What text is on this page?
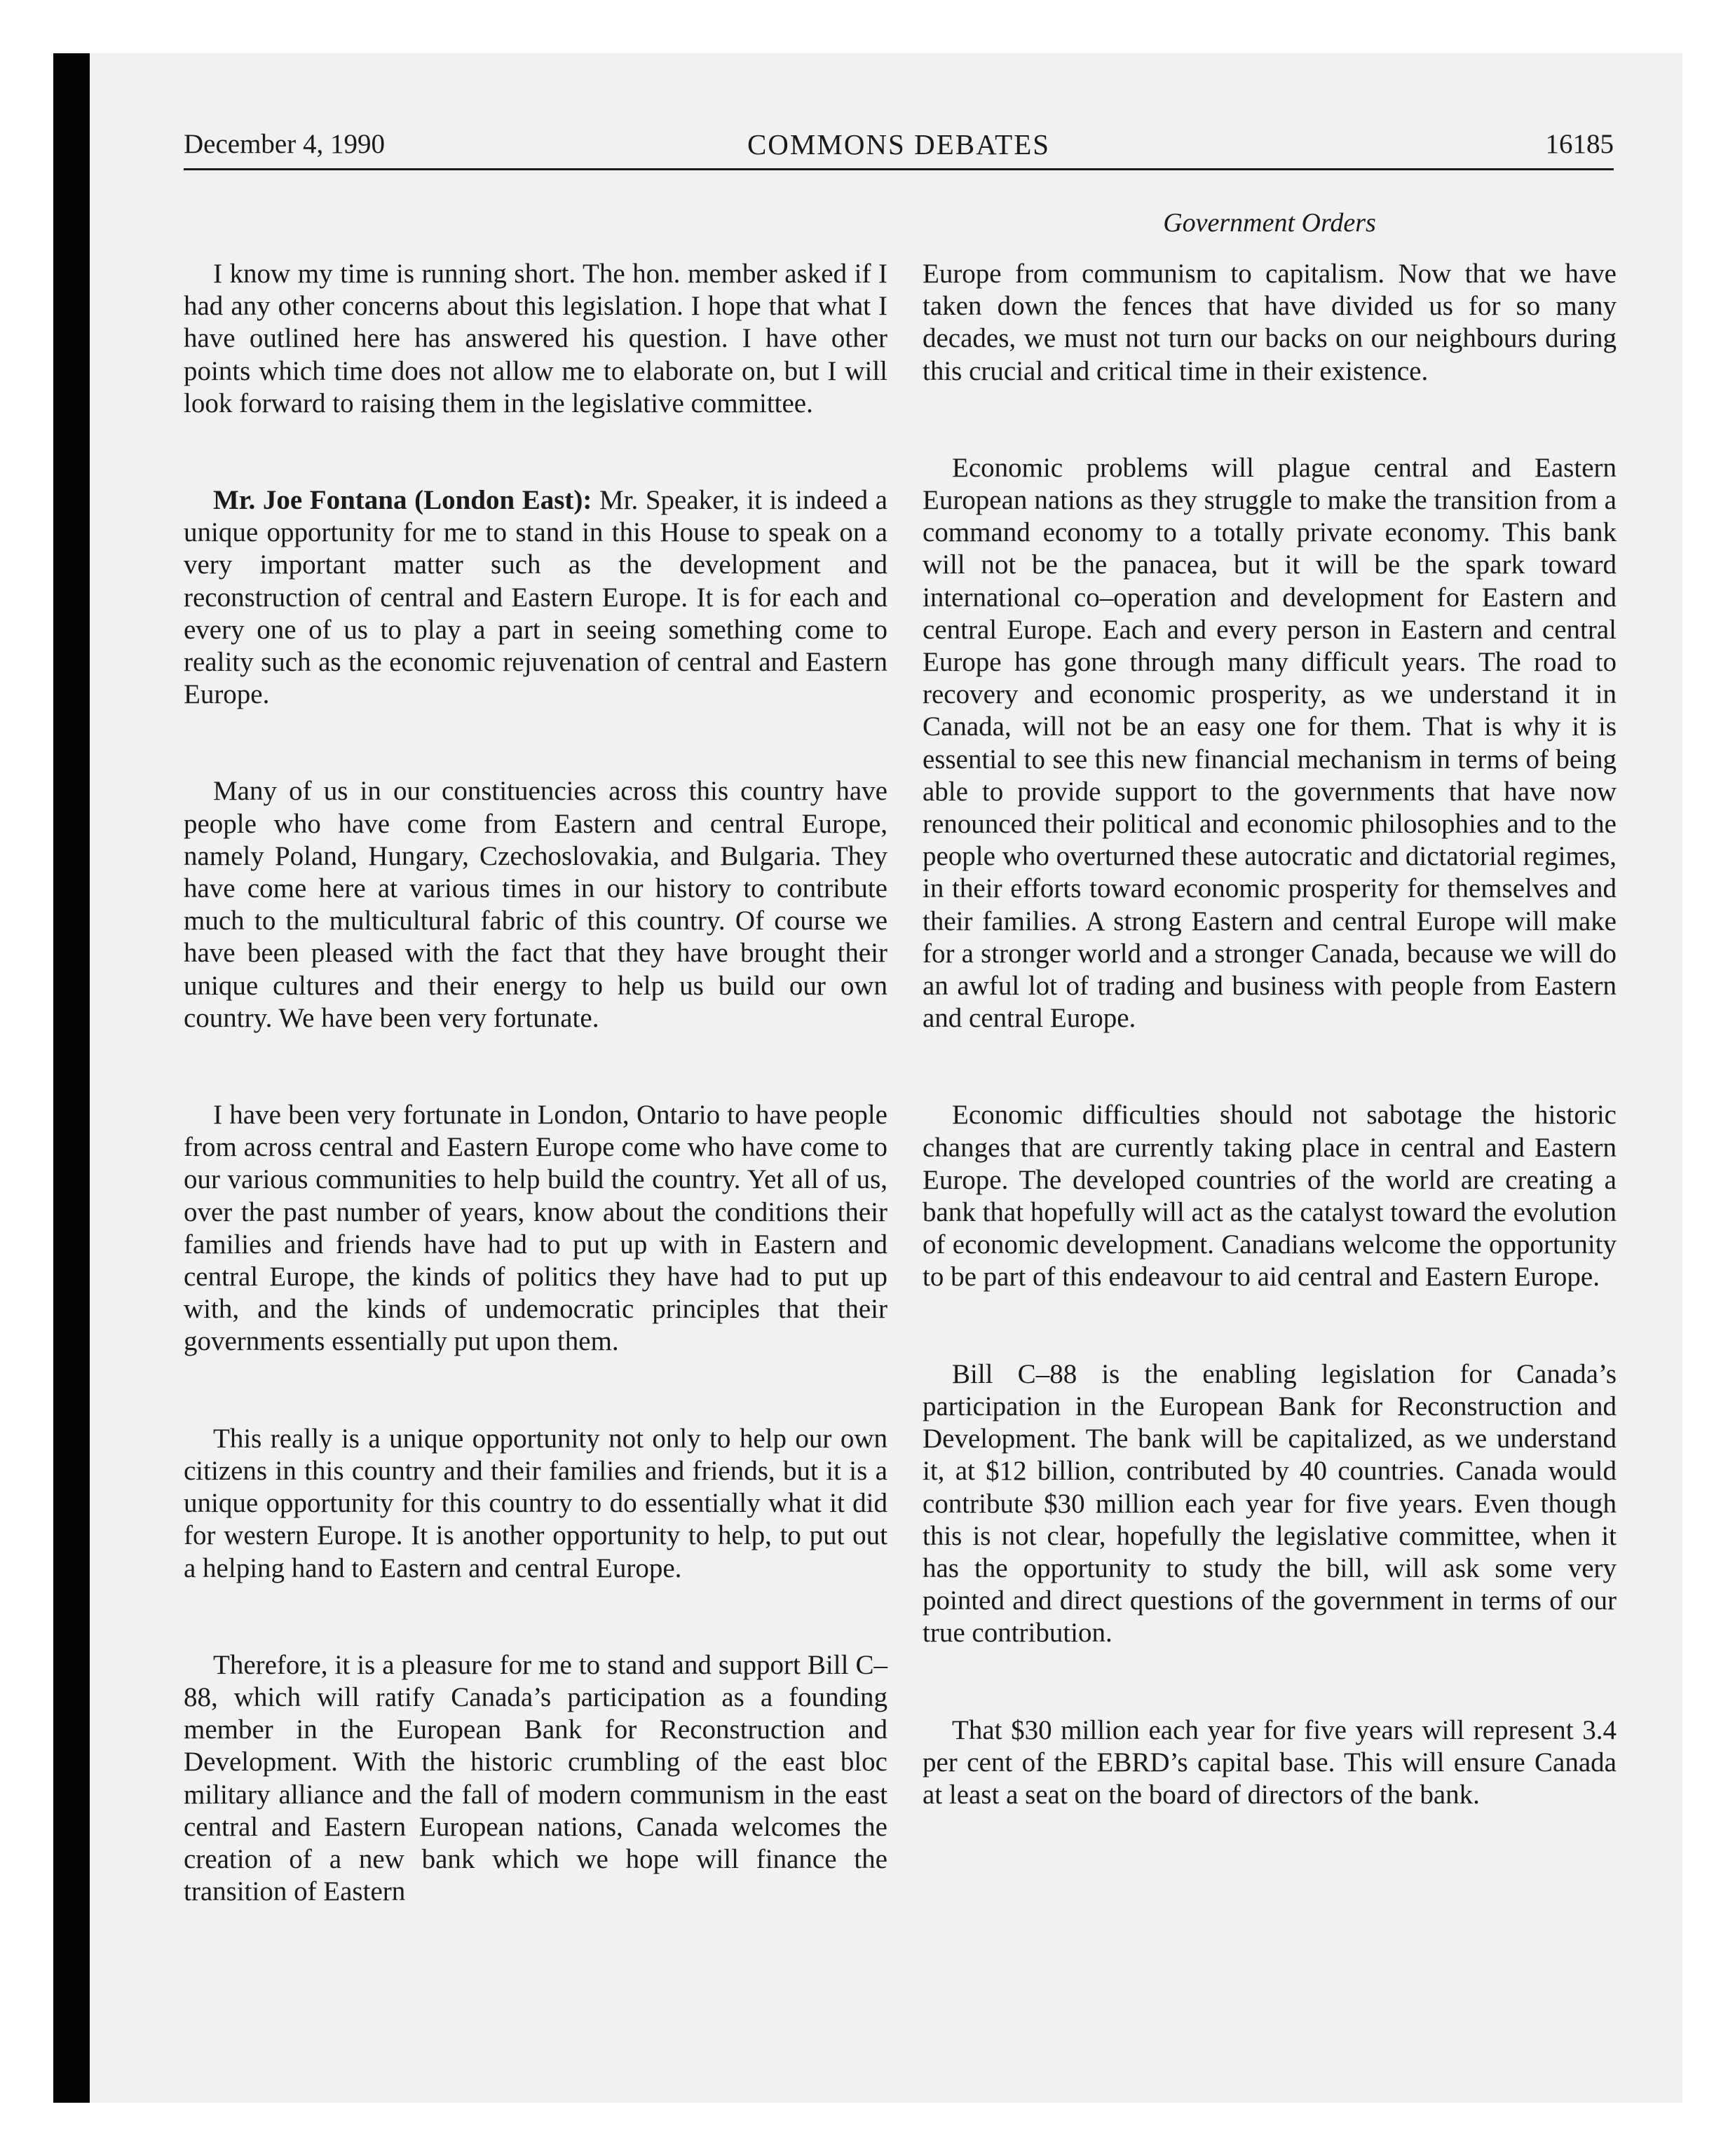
December 4, 1990	COMMONS DEBATES	16185
Government Orders

I know my time is running short. The hon. member asked if I had any other concerns about this legislation. I hope that what I have outlined here has answered his question. I have other points which time does not allow me to elaborate on, but I will look forward to raising them in the legislative committee.

Mr. Joe Fontana (London East): Mr. Speaker, it is indeed a unique opportunity for me to stand in this House to speak on a very important matter such as the development and reconstruction of central and Eastern Europe. It is for each and every one of us to play a part in seeing something come to reality such as the economic rejuvenation of central and Eastern Europe.

Many of us in our constituencies across this country have people who have come from Eastern and central Europe, namely Poland, Hungary, Czechoslovakia, and Bulgaria. They have come here at various times in our history to contribute much to the multicultural fabric of this country. Of course we have been pleased with the fact that they have brought their unique cultures and their energy to help us build our own country. We have been very fortunate.

I have been very fortunate in London, Ontario to have people from across central and Eastern Europe come who have come to our various communities to help build the country. Yet all of us, over the past number of years, know about the conditions their families and friends have had to put up with in Eastern and central Europe, the kinds of politics they have had to put up with, and the kinds of undemocratic principles that their governments essentially put upon them.

This really is a unique opportunity not only to help our own citizens in this country and their families and friends, but it is a unique opportunity for this country to do essentially what it did for western Europe. It is another opportunity to help, to put out a helping hand to Eastern and central Europe.

Therefore, it is a pleasure for me to stand and support Bill C–88, which will ratify Canada’s participation as a founding member in the European Bank for Reconstruction and Development. With the historic crumbling of the east bloc military alliance and the fall of modern communism in the east central and Eastern European nations, Canada welcomes the creation of a new bank which we hope will finance the transition of Eastern

Europe from communism to capitalism. Now that we have taken down the fences that have divided us for so many decades, we must not turn our backs on our neighbours during this crucial and critical time in their existence.

Economic problems will plague central and Eastern European nations as they struggle to make the transition from a command economy to a totally private economy. This bank will not be the panacea, but it will be the spark toward international co–operation and development for Eastern and central Europe. Each and every person in Eastern and central Europe has gone through many difficult years. The road to recovery and economic prosperity, as we understand it in Canada, will not be an easy one for them. That is why it is essential to see this new financial mechanism in terms of being able to provide support to the governments that have now renounced their political and economic philosophies and to the people who overturned these autocratic and dictatorial regimes, in their efforts toward economic prosperity for themselves and their families. A strong Eastern and central Europe will make for a stronger world and a stronger Canada, because we will do an awful lot of trading and business with people from Eastern and central Europe.

Economic difficulties should not sabotage the historic changes that are currently taking place in central and Eastern Europe. The developed countries of the world are creating a bank that hopefully will act as the catalyst toward the evolution of economic development. Canadians welcome the opportunity to be part of this endeavour to aid central and Eastern Europe.

Bill C–88 is the enabling legislation for Canada’s participation in the European Bank for Reconstruction and Development. The bank will be capitalized, as we understand it, at $12 billion, contributed by 40 countries. Canada would contribute $30 million each year for five years. Even though this is not clear, hopefully the legislative committee, when it has the opportunity to study the bill, will ask some very pointed and direct questions of the government in terms of our true contribution.

That $30 million each year for five years will represent 3.4 per cent of the EBRD’s capital base. This will ensure Canada at least a seat on the board of directors of the bank.
